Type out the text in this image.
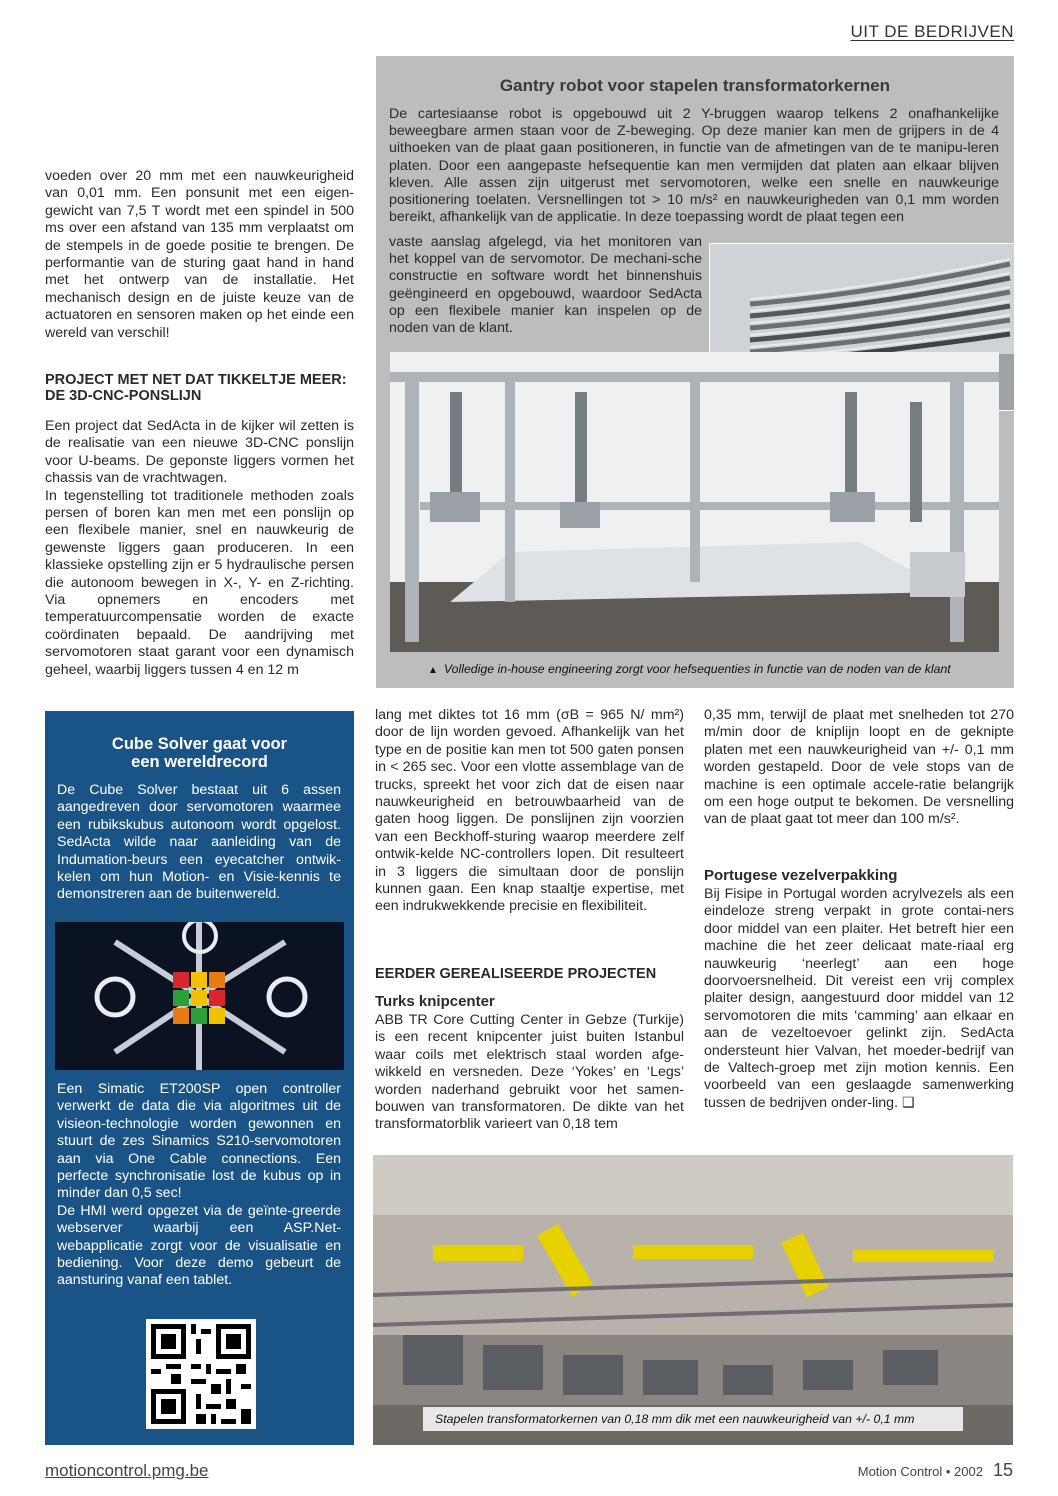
UIT DE BEDRIJVEN

voeden over 20 mm met een nauwkeurigheid van 0,01 mm. Een ponsunit met een eigen-gewicht van 7,5 T wordt met een spindel in 500 ms over een afstand van 135 mm verplaatst om de stempels in de goede positie te brengen. De performantie van de sturing gaat hand in hand met het ontwerp van de installatie. Het mechanisch design en de juiste keuze van de actuatoren en sensoren maken op het einde een wereld van verschil!

PROJECT MET NET DAT TIKKELTJE MEER:
DE 3D-CNC-PONSLIJN

Een project dat SedActa in de kijker wil zetten is de realisatie van een nieuwe 3D-CNC ponslijn voor U-beams. De geponste liggers vormen het chassis van de vrachtwagen.

In tegenstelling tot traditionele methoden zoals persen of boren kan men met een ponslijn op een flexibele manier, snel en nauwkeurig de gewenste liggers gaan produceren. In een klassieke opstelling zijn er 5 hydraulische persen die autonoom bewegen in X-, Y- en Z-richting. Via opnemers en encoders met temperatuurcompensatie worden de exacte coördinaten bepaald. De aandrijving met servomotoren staat garant voor een dynamisch geheel, waarbij liggers tussen 4 en 12 m

Gantry robot voor stapelen transformatorkernen

De cartesiaanse robot is opgebouwd uit 2 Y-bruggen waarop telkens 2 onafhankelijke beweegbare armen staan voor de Z-beweging. Op deze manier kan men de grijpers in de 4 uithoeken van de plaat gaan positioneren, in functie van de afmetingen van de te manipu-leren platen. Door een aangepaste hefsequentie kan men vermijden dat platen aan elkaar blijven kleven. Alle assen zijn uitgerust met servomotoren, welke een snelle en nauwkeurige positionering toelaten. Versnellingen tot > 10 m/s² en nauwkeurigheden van 0,1 mm worden bereikt, afhankelijk van de applicatie. In deze toepassing wordt de plaat tegen een

vaste aanslag afgelegd, via het monitoren van het koppel van de servomotor. De mechani-sche constructie en software wordt het binnenshuis geëngineerd en opgebouwd, waardoor SedActa op een flexibele manier kan inspelen op de noden van de klant.

▲ Volledige in-house engineering zorgt voor hefsequenties in functie van de noden van de klant
Cube Solver gaat voor
een wereldrecord

De Cube Solver bestaat uit 6 assen aangedreven door servomotoren waarmee een rubikskubus autonoom wordt opgelost. SedActa wilde naar aanleiding van de Indumation-beurs een eyecatcher ontwik-kelen om hun Motion- en Visie-kennis te demonstreren aan de buitenwereld.

Een Simatic ET200SP open controller verwerkt de data die via algoritmes uit de visieon-technologie worden gewonnen en stuurt de zes Sinamics S210-servomotoren aan via One Cable connections. Een perfecte synchronisatie lost de kubus op in minder dan 0,5 sec!

De HMI werd opgezet via de geïnte-greerde webserver waarbij een ASP.Net-webapplicatie zorgt voor de visualisatie en bediening. Voor deze demo gebeurt de aansturing vanaf een tablet.

lang met diktes tot 16 mm (σB = 965 N/ mm²) door de lijn worden gevoed. Afhankelijk van het type en de positie kan men tot 500 gaten ponsen in < 265 sec. Voor een vlotte assemblage van de trucks, spreekt het voor zich dat de eisen naar nauwkeurigheid en betrouwbaarheid van de gaten hoog liggen. De ponslijnen zijn voorzien van een Beckhoff-sturing waarop meerdere zelf ontwik-kelde NC-controllers lopen. Dit resulteert in 3 liggers die simultaan door de ponslijn kunnen gaan. Een knap staaltje expertise, met een indrukwekkende precisie en flexibiliteit.

EERDER GEREALISEERDE PROJECTEN

Turks knipcenter

ABB TR Core Cutting Center in Gebze (Turkije) is een recent knipcenter juist buiten Istanbul waar coils met elektrisch staal worden afge-wikkeld en versneden. Deze ‘Yokes’ en ‘Legs’ worden naderhand gebruikt voor het samen-bouwen van transformatoren. De dikte van het transformatorblik varieert van 0,18 tem

0,35 mm, terwijl de plaat met snelheden tot 270 m/min door de kniplijn loopt en de geknipte platen met een nauwkeurigheid van +/- 0,1 mm worden gestapeld. Door de vele stops van de machine is een optimale accele-ratie belangrijk om een hoge output te bekomen. De versnelling van de plaat gaat tot meer dan 100 m/s².

Portugese vezelverpakking

Bij Fisipe in Portugal worden acrylvezels als een eindeloze streng verpakt in grote contai-ners door middel van een plaiter. Het betreft hier een machine die het zeer delicaat mate-riaal erg nauwkeurig ‘neerlegt’ aan een hoge doorvoersnelheid. Dit vereist een vrij complex plaiter design, aangestuurd door middel van 12 servomotoren die mits ‘camming’ aan elkaar en aan de vezeltoevoer gelinkt zijn. SedActa ondersteunt hier Valvan, het moeder-bedrijf van de Valtech-groep met zijn motion kennis. Een voorbeeld van een geslaagde samenwerking tussen de bedrijven onder-ling. ❑

Stapelen transformatorkernen van 0,18 mm dik met een nauwkeurigheid van +/- 0,1 mm
motioncontrol.pmg.be	Motion Control • 2002 15
